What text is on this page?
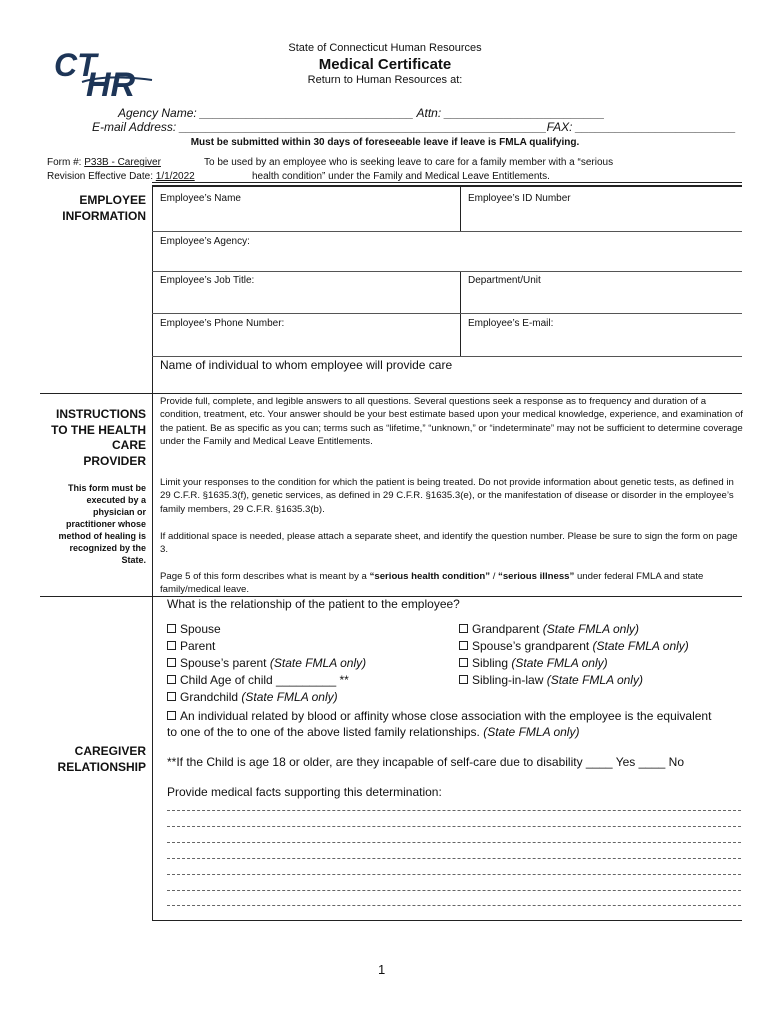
CT
HR
State of Connecticut Human Resources
Medical Certificate
Return to Human Resources at:
Agency Name: ________________________________ Attn: ________________________
E-mail Address: _______________________________________________________FAX: ________________________
Must be submitted within 30 days of foreseeable leave if leave is FMLA qualifying.
Form #: P33B - Caregiver
Revision Effective Date: 1/1/2022
To be used by an employee who is seeking leave to care for a family member with a “serious
health condition” under the Family and Medical Leave Entitlements.
EMPLOYEE
INFORMATION
Employee’s Name	Employee’s ID Number
Employee’s Agency:
Employee’s Job Title:	Department/Unit
Employee’s Phone Number:	Employee’s E-mail:
Name of individual to whom employee will provide care
INSTRUCTIONS
TO THE HEALTH
CARE
PROVIDER
This form must be
executed by a
physician or
practitioner whose
method of healing is
recognized by the
State.
Provide full, complete, and legible answers to all questions. Several questions seek a response as to frequency and duration of a condition, treatment, etc. Your answer should be your best estimate based upon your medical knowledge, experience, and examination of the patient. Be as specific as you can; terms such as “lifetime,” “unknown,” or “indeterminate” may not be sufficient to determine coverage under the Family and Medical Leave Entitlements.
Limit your responses to the condition for which the patient is being treated. Do not provide information about genetic tests, as defined in 29 C.F.R. §1635.3(f), genetic services, as defined in 29 C.F.R. §1635.3(e), or the manifestation of disease or disorder in the employee’s family members, 29 C.F.R. §1635.3(b).
If additional space is needed, please attach a separate sheet, and identify the question number. Please be sure to sign the form on page 3.
Page 5 of this form describes what is meant by a “serious health condition” / “serious illness” under federal FMLA and state family/medical leave.
CAREGIVER
RELATIONSHIP
What is the relationship of the patient to the employee?
Spouse
Parent
Spouse’s parent (State FMLA only)
Child Age of child _________ **
Grandchild (State FMLA only)
Grandparent (State FMLA only)
Spouse’s grandparent (State FMLA only)
Sibling (State FMLA only)
Sibling-in-law (State FMLA only)
An individual related by blood or affinity whose close association with the employee is the equivalent
to one of the to one of the above listed family relationships. (State FMLA only)
**If the Child is age 18 or older, are they incapable of self-care due to disability ____ Yes ____ No
Provide medical facts supporting this determination:
1
